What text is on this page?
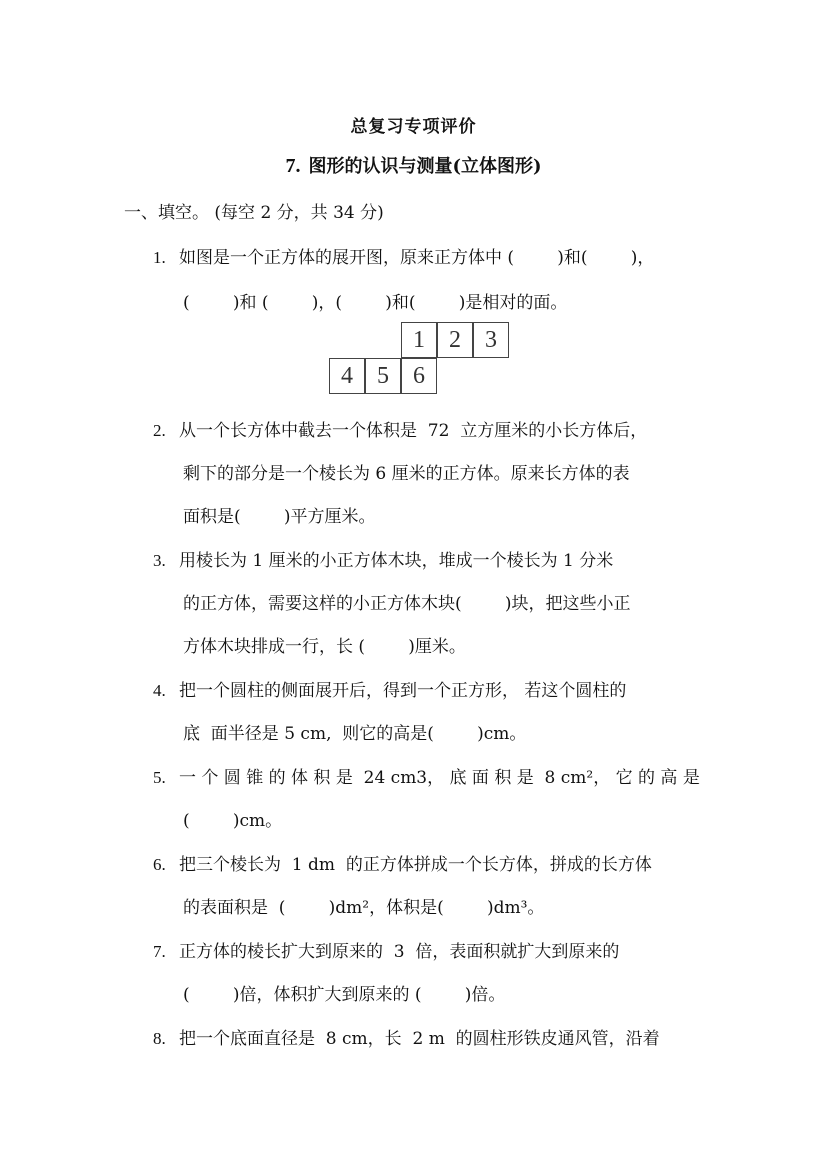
总复习专项评价
7. 图形的认识与测量(立体图形)
一、填空。 (每空 2 分，共 34 分)
1. 如图是一个正方体的展开图，原来正方体中 (        )和(        )，
(        )和 (        )，(        )和(        )是相对的面。
1	2	3
4	5	6
2. 从一个长方体中截去一个体积是  72  立方厘米的小长方体后，
剩下的部分是一个棱长为 6 厘米的正方体。原来长方体的表
面积是(        )平方厘米。
3. 用棱长为 1 厘米的小正方体木块，堆成一个棱长为 1 分米
的正方体，需要这样的小正方体木块(        )块，把这些小正
方体木块排成一行，长 (        )厘米。
4. 把一个圆柱的侧面展开后，得到一个正方形， 若这个圆柱的
底  面半径是 5 cm,  则它的高是(        )cm。
5. 一 个 圆 锥 的 体 积 是  24 cm3， 底 面 积 是  8 cm²， 它 的 高 是
(        )cm。
6. 把三个棱长为  1 dm  的正方体拼成一个长方体，拼成的长方体
的表面积是  (        )dm²，体积是(        )dm³。
7. 正方体的棱长扩大到原来的  3  倍，表面积就扩大到原来的
(        )倍，体积扩大到原来的 (        )倍。
8. 把一个底面直径是  8 cm，长  2 m  的圆柱形铁皮通风管，沿着
